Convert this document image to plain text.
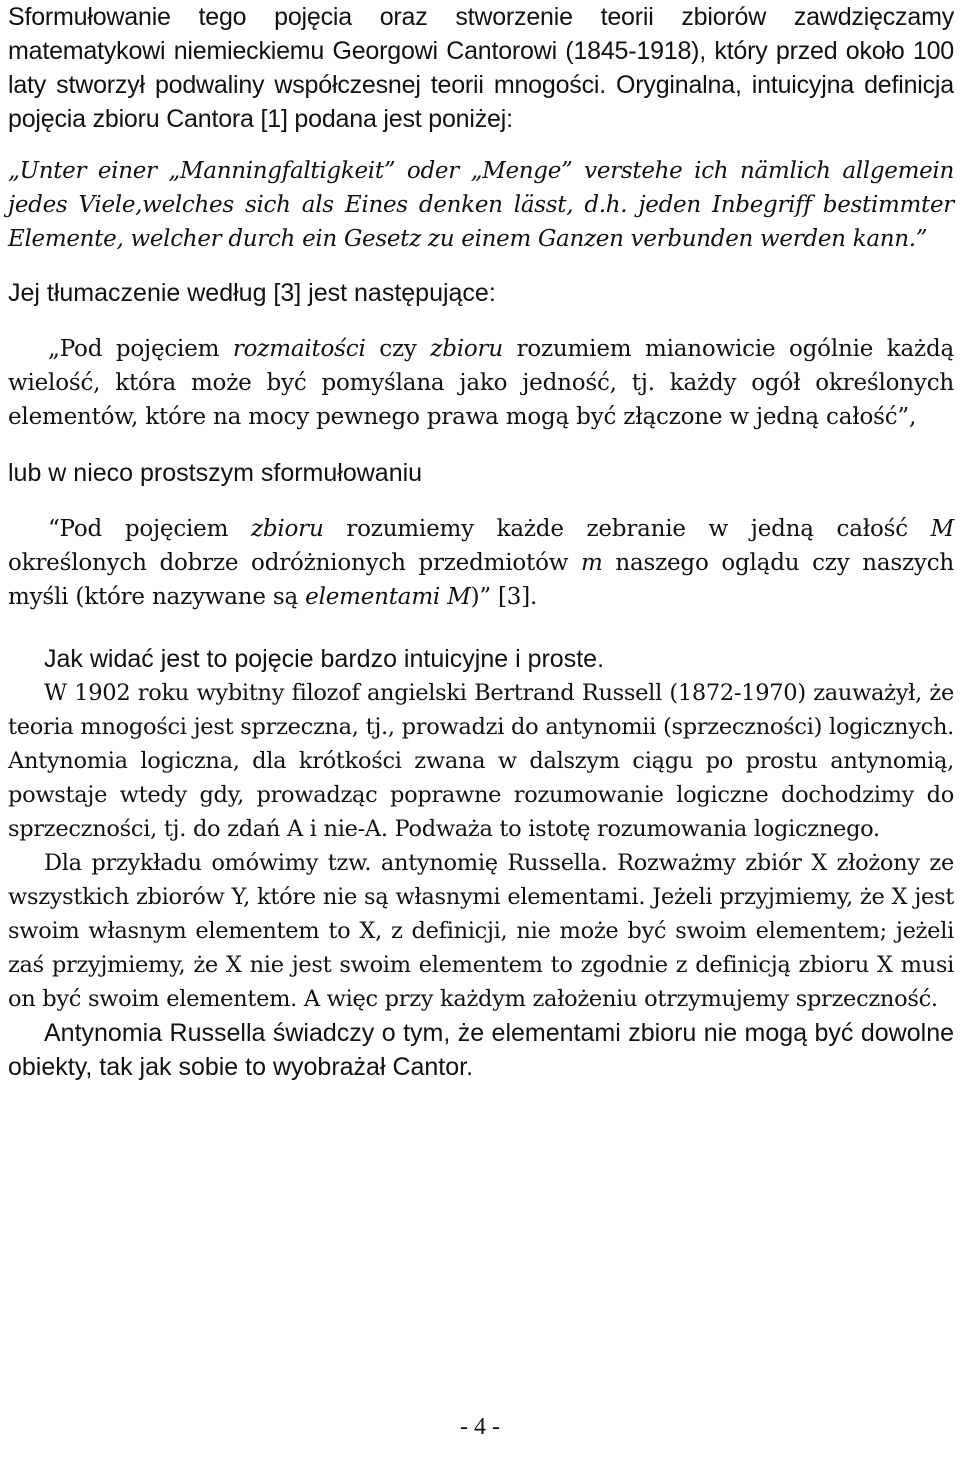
Sformułowanie tego pojęcia oraz stworzenie teorii zbiorów zawdzięczamy matematykowi niemieckiemu Georgowi Cantorowi (1845-1918), który przed około 100 laty stworzył podwaliny współczesnej teorii mnogości. Oryginalna, intuicyjna definicja pojęcia zbioru Cantora [1] podana jest poniżej:

„Unter einer „Manningfaltigkeit” oder „Menge” verstehe ich nämlich allgemein jedes Viele,welches sich als Eines denken lässt, d.h. jeden Inbegriff bestimmter Elemente, welcher durch ein Gesetz zu einem Ganzen verbunden werden kann.”

Jej tłumaczenie według [3] jest następujące:

„Pod pojęciem rozmaitości czy zbioru rozumiem mianowicie ogólnie każdą wielość, która może być pomyślana jako jedność, tj. każdy ogół określonych elementów, które na mocy pewnego prawa mogą być złączone w jedną całość”,

lub w nieco prostszym sformułowaniu

“Pod pojęciem zbioru rozumiemy każde zebranie w jedną całość M określonych dobrze odróżnionych przedmiotów m naszego oglądu czy naszych myśli (które nazywane są elementami M)” [3].

Jak widać jest to pojęcie bardzo intuicyjne i proste.

W 1902 roku wybitny filozof angielski Bertrand Russell (1872-1970) zauważył, że teoria mnogości jest sprzeczna, tj., prowadzi do antynomii (sprzeczności) logicznych. Antynomia logiczna, dla krótkości zwana w dalszym ciągu po prostu antynomią, powstaje wtedy gdy, prowadząc poprawne rozumowanie logiczne dochodzimy do sprzeczności, tj. do zdań A i nie-A. Podważa to istotę rozumowania logicznego.

Dla przykładu omówimy tzw. antynomię Russella. Rozważmy zbiór X złożony ze wszystkich zbiorów Y, które nie są własnymi elementami. Jeżeli przyjmiemy, że X jest swoim własnym elementem to X, z definicji, nie może być swoim elementem; jeżeli zaś przyjmiemy, że X nie jest swoim elementem to zgodnie z definicją zbioru X musi on być swoim elementem. A więc przy każdym założeniu otrzymujemy sprzeczność.

Antynomia Russella świadczy o tym, że elementami zbioru nie mogą być dowolne obiekty, tak jak sobie to wyobrażał Cantor.

- 4 -
